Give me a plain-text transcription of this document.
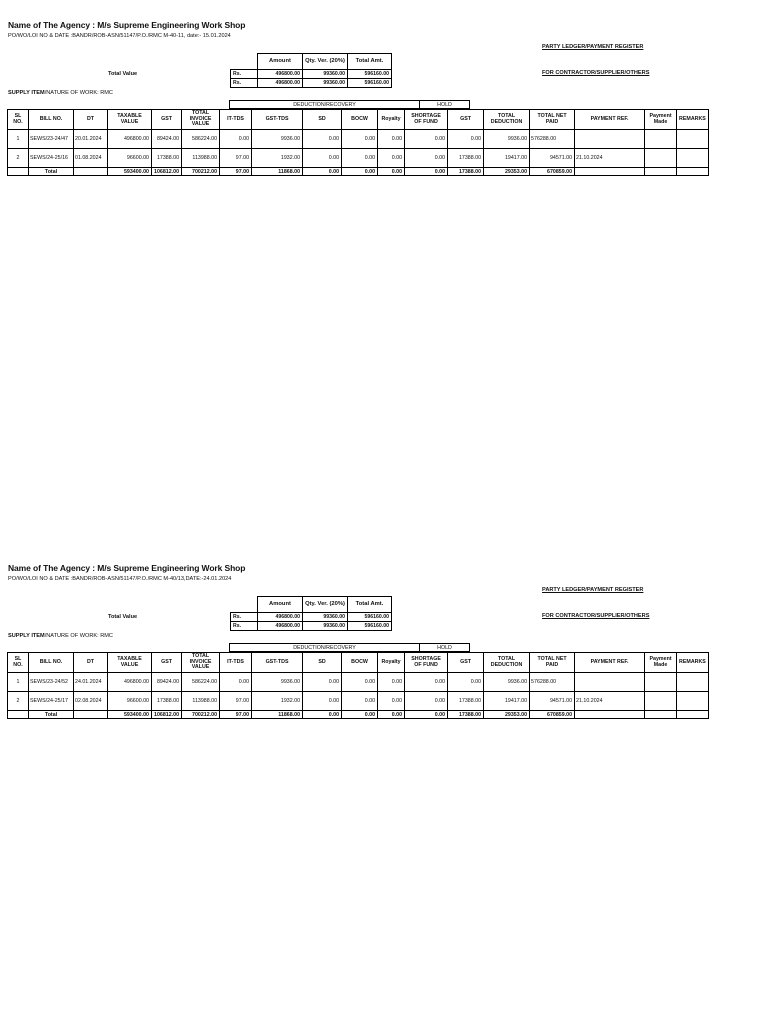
Name of The Agency : M/s Supreme Engineering Work Shop
PO/WO/LOI NO & DATE :BANDR/ROB-ASN/51147/P.O./RMC M-40-11, date:- 15.01.2024
PARTY LEDGER/PAYMENT REGISTER
FOR CONTRACTOR/SUPPLIER/OTHERS
Total Value
SUPPLY ITEM/NATURE OF WORK: RMC
	Amount	Qty. Ver. (20%)	Total Amt.
Rs.	496800.00	99360.00	596160.00
Rs.	496800.00	99360.00	596160.00
DEDUCTION/RECOVERY	HOLD	
SL NO.	BILL NO.	DT	TAXABLE VALUE	GST	TOTAL INVOICE VALUE	IT-TDS	GST-TDS	SD	BOCW	Royalty	SHORTAGE OF FUND	GST	TOTAL DEDUCTION	TOTAL NET PAID	PAYMENT REF.	Payment Made	REMARKS
1	SEWS/23-24/47	20.01.2024	496800.00	89424.00	586224.00	0.00	9936.00	0.00	0.00	0.00	0.00	0.00	9936.00	576288.00			
2	SEWS/24-25/16	01.08.2024	96600.00	17388.00	113988.00	97.00	1932.00	0.00	0.00	0.00	0.00	17388.00	19417.00	94571.00	21.10.2024		
	Total		593400.00	106812.00	700212.00	97.00	11868.00	0.00	0.00	0.00	0.00	17388.00	29353.00	670859.00			
Name of The Agency : M/s Supreme Engineering Work Shop
PO/WO/LOI NO & DATE :BANDR/ROB-ASN/51147/P.O./RMC M-40/13,DATE:-24.01.2024
PARTY LEDGER/PAYMENT REGISTER
FOR CONTRACTOR/SUPPLIER/OTHERS
Total Value
SUPPLY ITEM/NATURE OF WORK: RMC
	Amount	Qty. Ver. (20%)	Total Amt.
Rs.	496800.00	99360.00	596160.00
Rs.	496800.00	99360.00	596160.00
DEDUCTION/RECOVERY	HOLD	
SL NO.	BILL NO.	DT	TAXABLE VALUE	GST	TOTAL INVOICE VALUE	IT-TDS	GST-TDS	SD	BOCW	Royalty	SHORTAGE OF FUND	GST	TOTAL DEDUCTION	TOTAL NET PAID	PAYMENT REF.	Payment Made	REMARKS
1	SEWS/23-24/52	24.01.2024	496800.00	89424.00	586224.00	0.00	9936.00	0.00	0.00	0.00	0.00	0.00	9936.00	576288.00			
2	SEWS/24-25/17	02.08.2024	96600.00	17388.00	113988.00	97.00	1932.00	0.00	0.00	0.00	0.00	17388.00	19417.00	94571.00	21.10.2024		
	Total		593400.00	106812.00	700212.00	97.00	11868.00	0.00	0.00	0.00	0.00	17388.00	29353.00	670859.00			
